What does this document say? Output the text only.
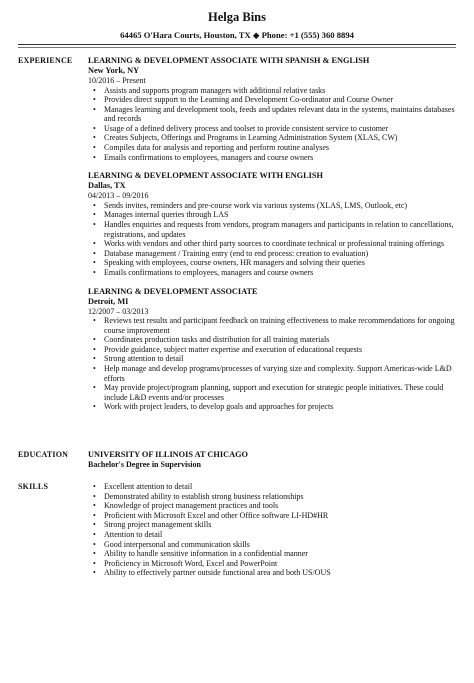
Helga Bins
64465 O'Hara Courts, Houston, TX ◆ Phone: +1 (555) 360 8894
EXPERIENCE	LEARNING & DEVELOPMENT ASSOCIATE WITH SPANISH & ENGLISH
New York, NY
10/2016 – Present
• Assists and supports program managers with additional relative tasks
• Provides direct support to the Learning and Development Co-ordinator and Course Owner
• Manages learning and development tools, feeds and updates relevant data in the systems, maintains databases and records
• Usage of a defined delivery process and toolset to provide consistent service to customer
• Creates Subjects, Offerings and Programs in Learning Administration System (XLAS, CW)
• Compiles data for analysis and reporting and perform routine analyses
• Emails confirmations to employees, managers and course owners
LEARNING & DEVELOPMENT ASSOCIATE WITH ENGLISH
Dallas, TX
04/2013 – 09/2016
• Sends invites, reminders and pre-course work via various systems (XLAS, LMS, Outlook, etc)
• Manages internal queries through LAS
• Handles enquiries and requests from vendors, program managers and participants in relation to cancellations, registrations, and updates
• Works with vendors and other third party sources to coordinate technical or professional training offerings
• Database management / Training entry (end to end process: creation to evaluation)
• Speaking with employees, course owners, HR managers and solving their queries
• Emails confirmations to employees, managers and course owners
LEARNING & DEVELOPMENT ASSOCIATE
Detroit, MI
12/2007 – 03/2013
• Reviews test results and participant feedback on training effectiveness to make recommendations for ongoing course improvement
• Coordinates production tasks and distribution for all training materials
• Provide guidance, subject matter expertise and execution of educational requests
• Strong attention to detail
• Help manage and develop programs/processes of varying size and complexity. Support Americas-wide L&D efforts
• May provide project/program planning, support and execution for strategic people initiatives. These could include L&D events and/or processes
• Work with project leaders, to develop goals and approaches for projects
EDUCATION	UNIVERSITY OF ILLINOIS AT CHICAGO
Bachelor's Degree in Supervision
SKILLS	• Excellent attention to detail
• Demonstrated ability to establish strong business relationships
• Knowledge of project management practices and tools
• Proficient with Microsoft Excel and other Office software LI-HD#HR
• Strong project management skills
• Attention to detail
• Good interpersonal and communication skills
• Ability to handle sensitive information in a confidential manner
• Proficiency in Microsoft Word, Excel and PowerPoint
• Ability to effectively partner outside functional area and both US/OUS
